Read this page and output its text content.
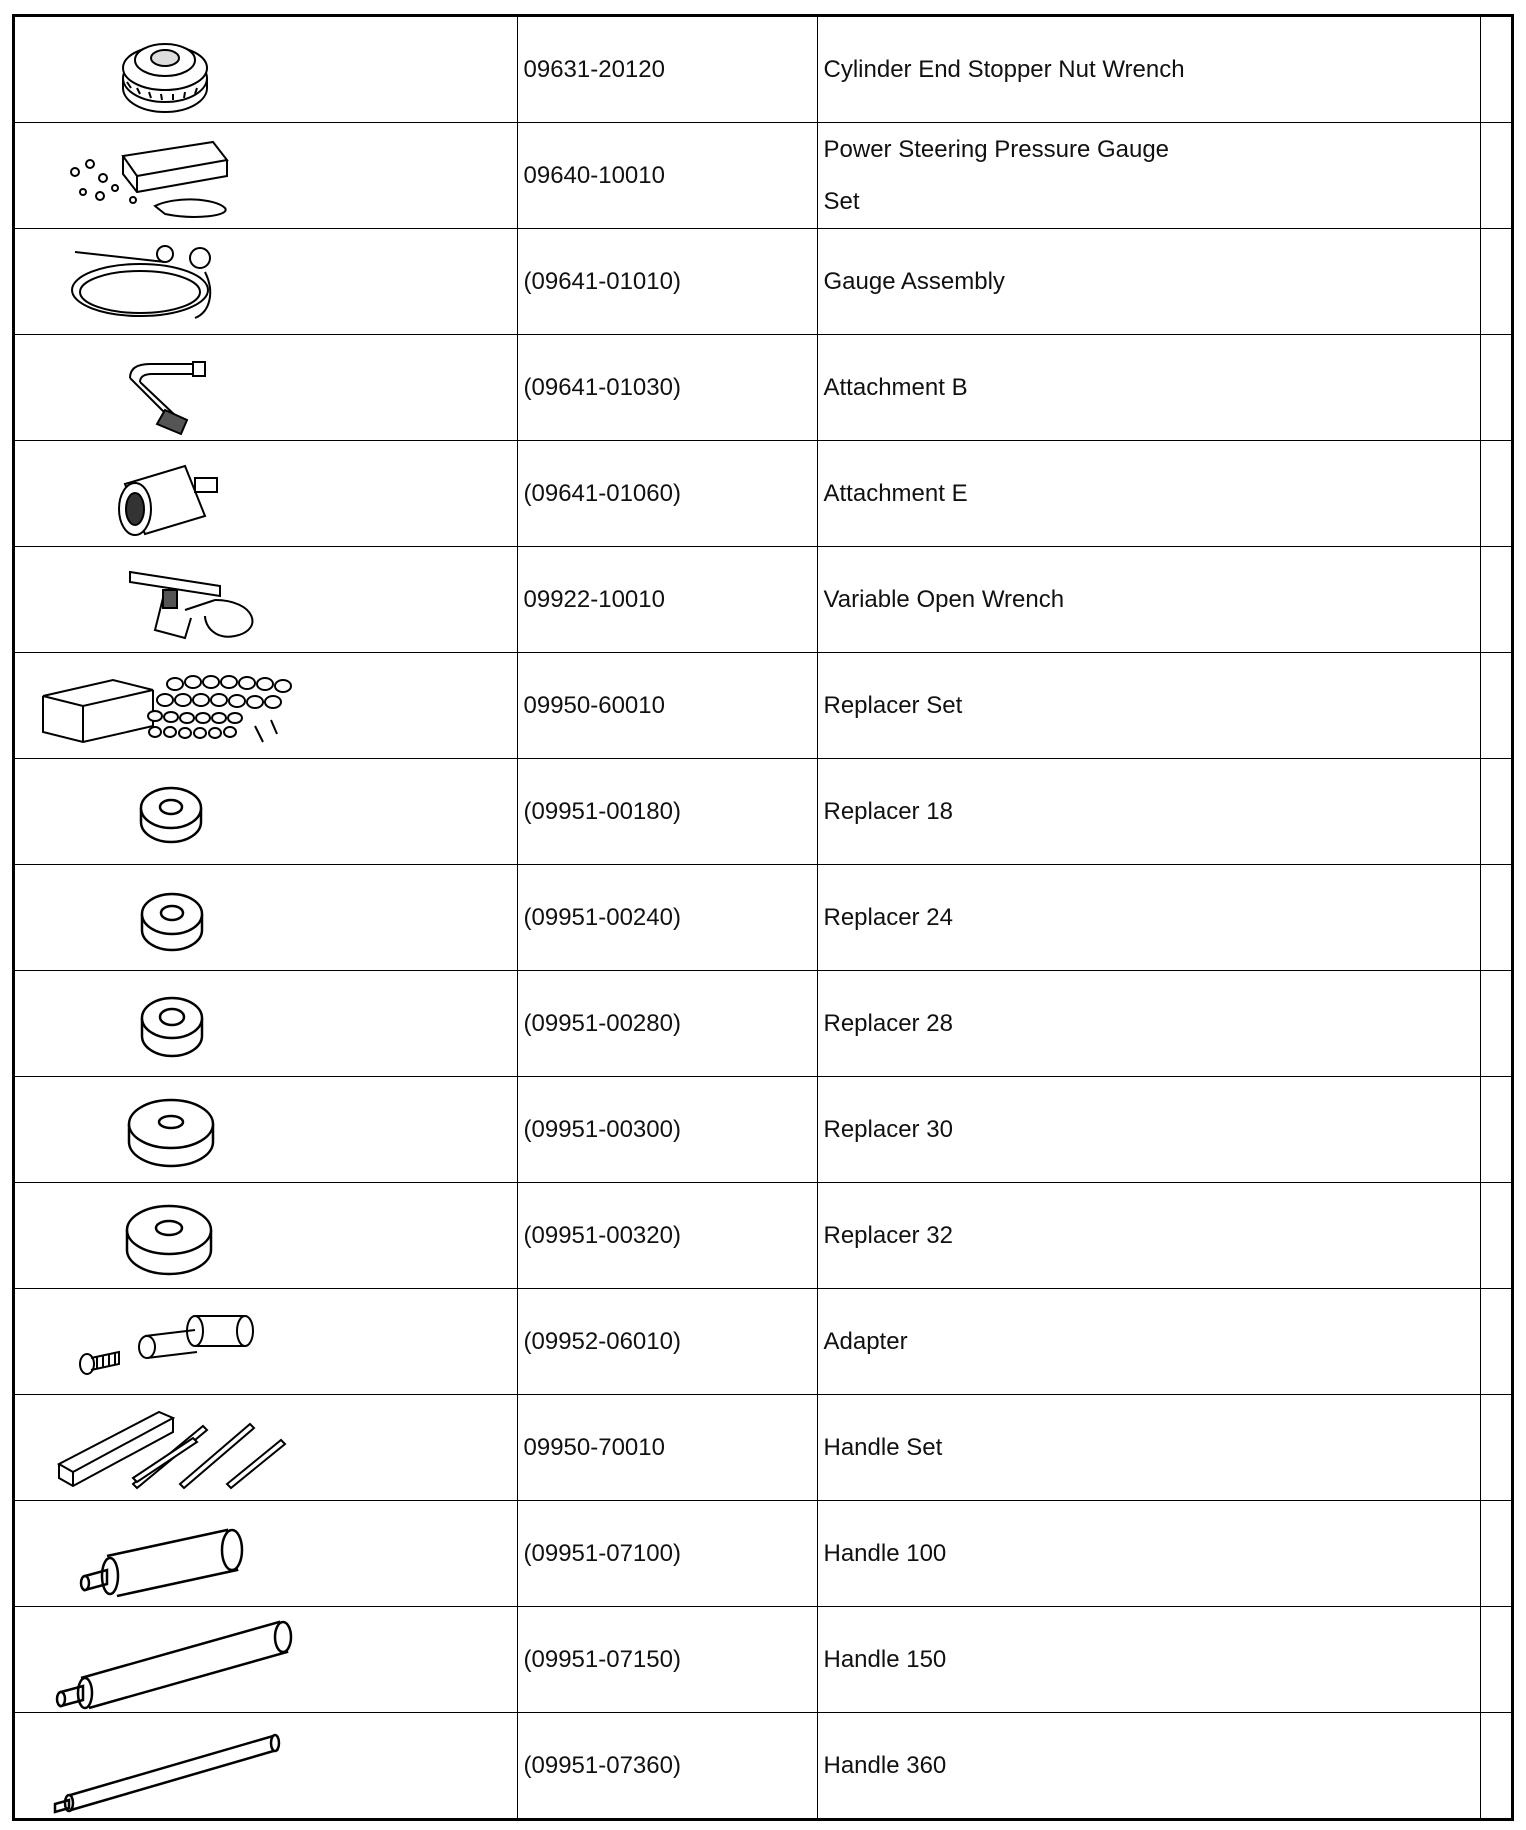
	09631-20120	Cylinder End Stopper Nut Wrench	

	09640-10010	Power Steering Pressure Gauge
Set	

	(09641-01010)	Gauge Assembly	

	(09641-01030)	Attachment B	

	(09641-01060)	Attachment E	

	09922-10010	Variable Open Wrench	

	09950-60010	Replacer Set	

	(09951-00180)	Replacer 18	

	(09951-00240)	Replacer 24	

	(09951-00280)	Replacer 28	

	(09951-00300)	Replacer 30	

	(09951-00320)	Replacer 32	

	(09952-06010)	Adapter	

	09950-70010	Handle Set	

	(09951-07100)	Handle 100	

	(09951-07150)	Handle 150	

	(09951-07360)	Handle 360	
